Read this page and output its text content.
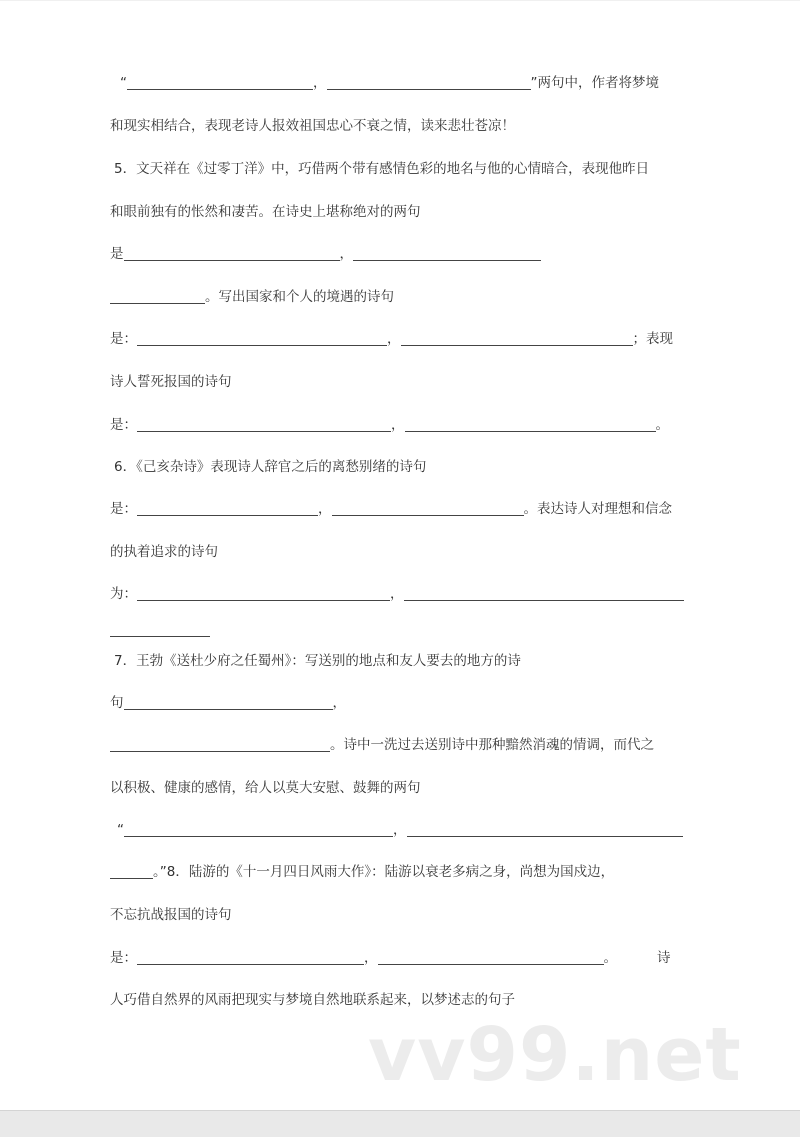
“	，	”两句中，作者将梦境
和现实相结合，表现老诗人报效祖国忠心不衰之情，读来悲壮苍凉！
5．文天祥在《过零丁洋》中，巧借两个带有感情色彩的地名与他的心情暗合，表现他昨日
和眼前独有的怅然和凄苦。在诗史上堪称绝对的两句
是	，
。写出国家和个人的境遇的诗句
是：	，	；表现
诗人誓死报国的诗句
是：	，	。
6．《己亥杂诗》表现诗人辞官之后的离愁别绪的诗句
是：	，	。表达诗人对理想和信念
的执着追求的诗句
为：	，
7．王勃《送杜少府之任蜀州》：写送别的地点和友人要去的地方的诗
句	，
。诗中一洗过去送别诗中那种黯然消魂的情调，而代之
以积极、健康的感情，给人以莫大安慰、鼓舞的两句
“	，
。”8．陆游的《十一月四日风雨大作》：陆游以衰老多病之身，尚想为国戍边，
不忘抗战报国的诗句
是：	，	。	诗
人巧借自然界的风雨把现实与梦境自然地联系起来，以梦述志的句子
vv99.net
